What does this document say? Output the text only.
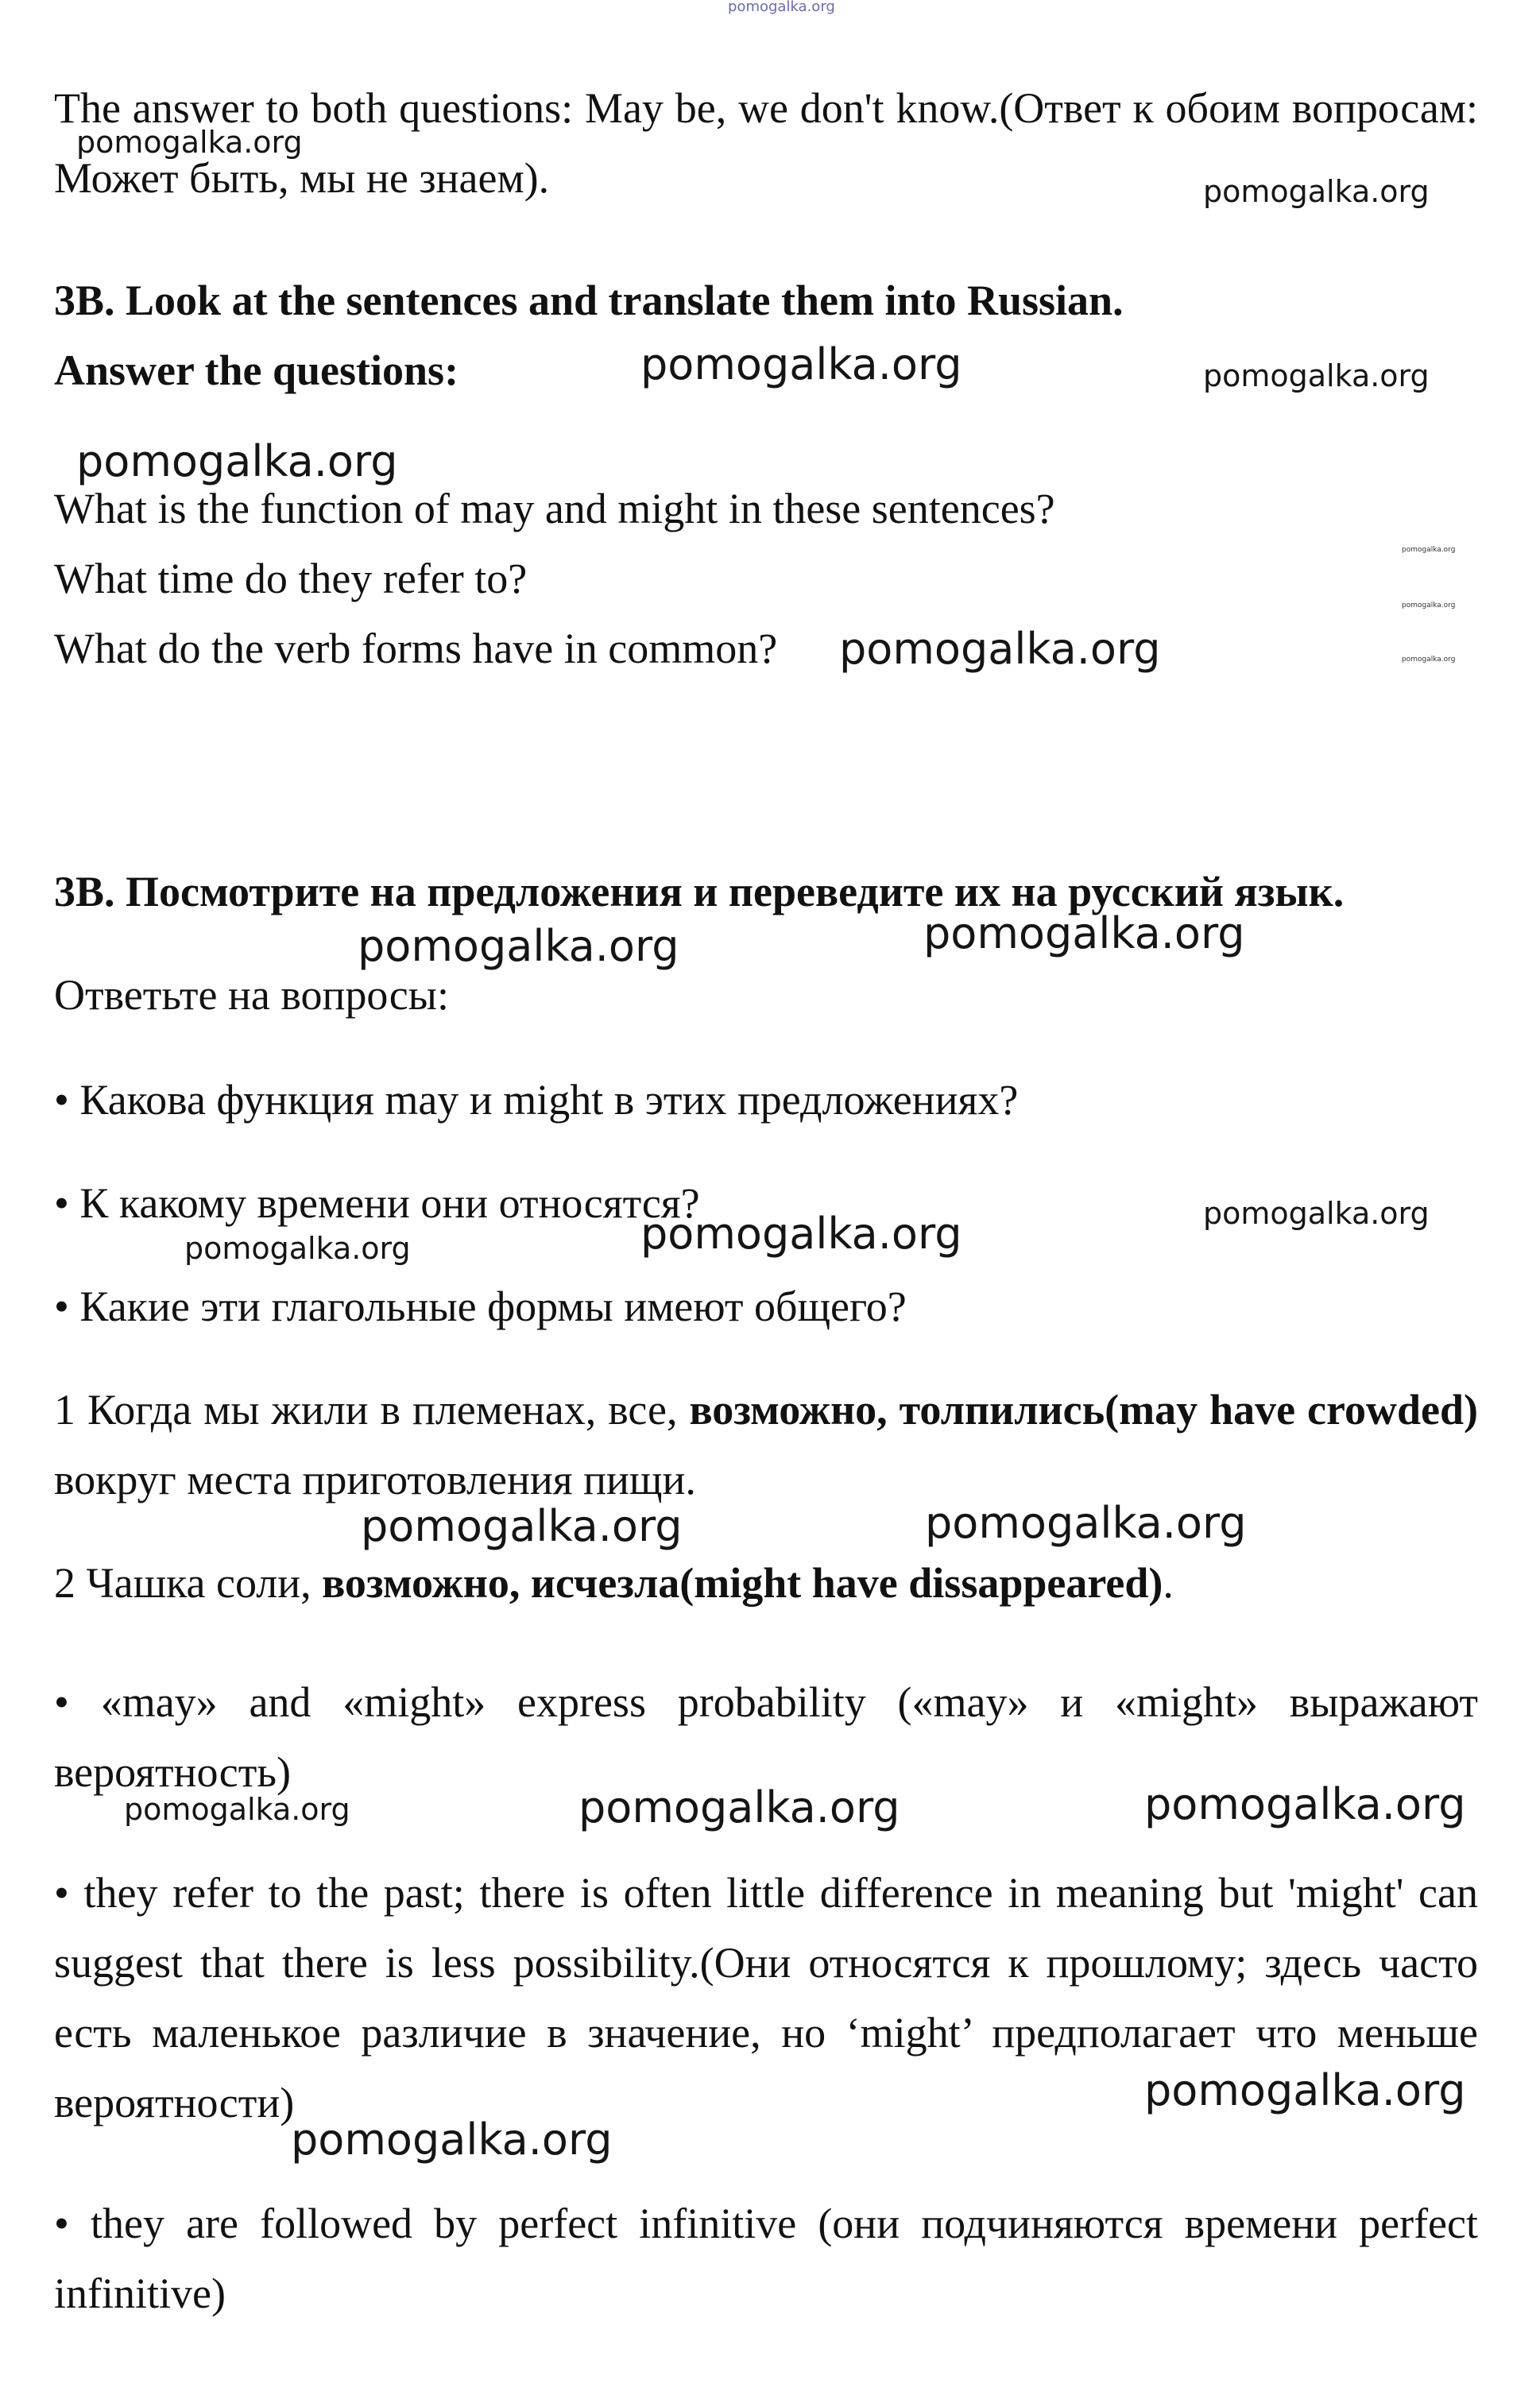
pomogalka.org

The answer to both questions: May be, we don't know.(Ответ к обоим вопросам: Может быть, мы не знаем).

3B. Look at the sentences and translate them into Russian.

Answer the questions:

What is the function of may and might in these sentences?

What time do they refer to?

What do the verb forms have in common?

3В. Посмотрите на предложения и переведите их на русский язык.

Ответьте на вопросы:

• Какова функция may и might в этих предложениях?

• К какому времени они относятся?

• Какие эти глагольные формы имеют общего?

1 Когда мы жили в племенах, все, возможно, толпились(may have crowded) вокруг места приготовления пищи.

2 Чашка соли, возможно, исчезла(might have dissappeared).

• «may» and «might» express probability («may» и «might» выражают вероятность)

• they refer to the past; there is often little difference in meaning but 'might' can suggest that there is less possibility.(Они относятся к прошлому; здесь часто есть маленькое различие в значение, но ‘might’ предполагает что меньше вероятности)

• they are followed by perfect infinitive (они подчиняются времени perfect infinitive)

pomogalka.org
pomogalka.org
pomogalka.org	pomogalka.org
pomogalka.org
pomogalka.org
pomogalka.org
pomogalka.org
pomogalka.org
pomogalka.org	pomogalka.org
pomogalka.org
pomogalka.org	pomogalka.org
pomogalka.org	pomogalka.org
pomogalka.org	pomogalka.org	pomogalka.org
pomogalka.org
pomogalka.org
